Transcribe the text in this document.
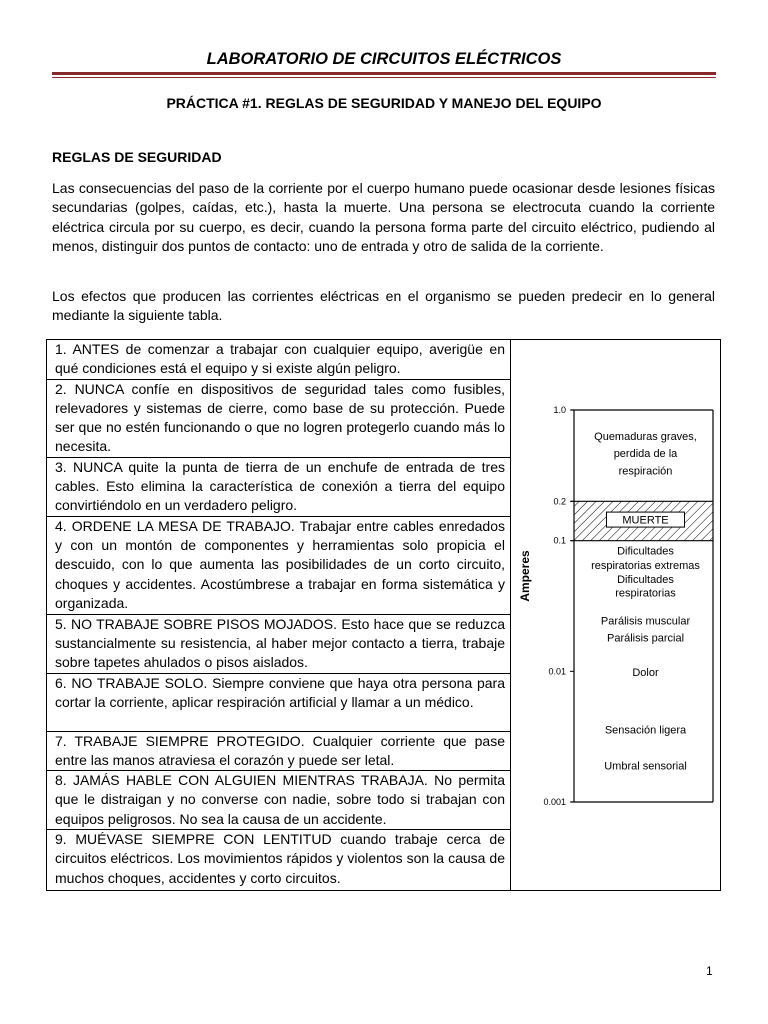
LABORATORIO DE CIRCUITOS ELÉCTRICOS
PRÁCTICA #1. REGLAS DE SEGURIDAD Y MANEJO DEL EQUIPO
REGLAS DE SEGURIDAD

Las consecuencias del paso de la corriente por el cuerpo humano puede ocasionar desde lesiones físicas secundarias (golpes, caídas, etc.), hasta la muerte. Una persona se electrocuta cuando la corriente eléctrica circula por su cuerpo, es decir, cuando la persona forma parte del circuito eléctrico, pudiendo al menos, distinguir dos puntos de contacto: uno de entrada y otro de salida de la corriente.

Los efectos que producen las corrientes eléctricas en el organismo se pueden predecir en lo general mediante la siguiente tabla.

1. ANTES de comenzar a trabajar con cualquier equipo, averigüe en qué condiciones está el equipo y si existe algún peligro.	
1.0
0.2
0.1
0.01
0.001
Amperes
Quemaduras graves,
perdida de la
respiración
MUERTE
Dificultades
respiratorias extremas
Dificultades
respiratorias
Parálisis muscular
Parálisis parcial
Dolor
Sensación ligera
Umbral sensorial

2. NUNCA confíe en dispositivos de seguridad tales como fusibles, relevadores y sistemas de cierre, como base de su protección. Puede ser que no estén funcionando o que no logren protegerlo cuando más lo necesita.
3. NUNCA quite la punta de tierra de un enchufe de entrada de tres cables. Esto elimina la característica de conexión a tierra del equipo convirtiéndolo en un verdadero peligro.
4. ORDENE LA MESA DE TRABAJO. Trabajar entre cables enredados y con un montón de componentes y herramientas solo propicia el descuido, con lo que aumenta las posibilidades de un corto circuito, choques y accidentes. Acostúmbrese a trabajar en forma sistemática y organizada.
5. NO TRABAJE SOBRE PISOS MOJADOS. Esto hace que se reduzca sustancialmente su resistencia, al haber mejor contacto a tierra, trabaje sobre tapetes ahulados o pisos aislados.
6. NO TRABAJE SOLO. Siempre conviene que haya otra persona para cortar la corriente, aplicar respiración artificial y llamar a un médico.
7. TRABAJE SIEMPRE PROTEGIDO. Cualquier corriente que pase entre las manos atraviesa el corazón y puede ser letal.
8. JAMÁS HABLE CON ALGUIEN MIENTRAS TRABAJA. No permita que le distraigan y no converse con nadie, sobre todo si trabajan con equipos peligrosos. No sea la causa de un accidente.
9. MUÉVASE SIEMPRE CON LENTITUD cuando trabaje cerca de circuitos eléctricos. Los movimientos rápidos y violentos son la causa de muchos choques, accidentes y corto circuitos.
1
